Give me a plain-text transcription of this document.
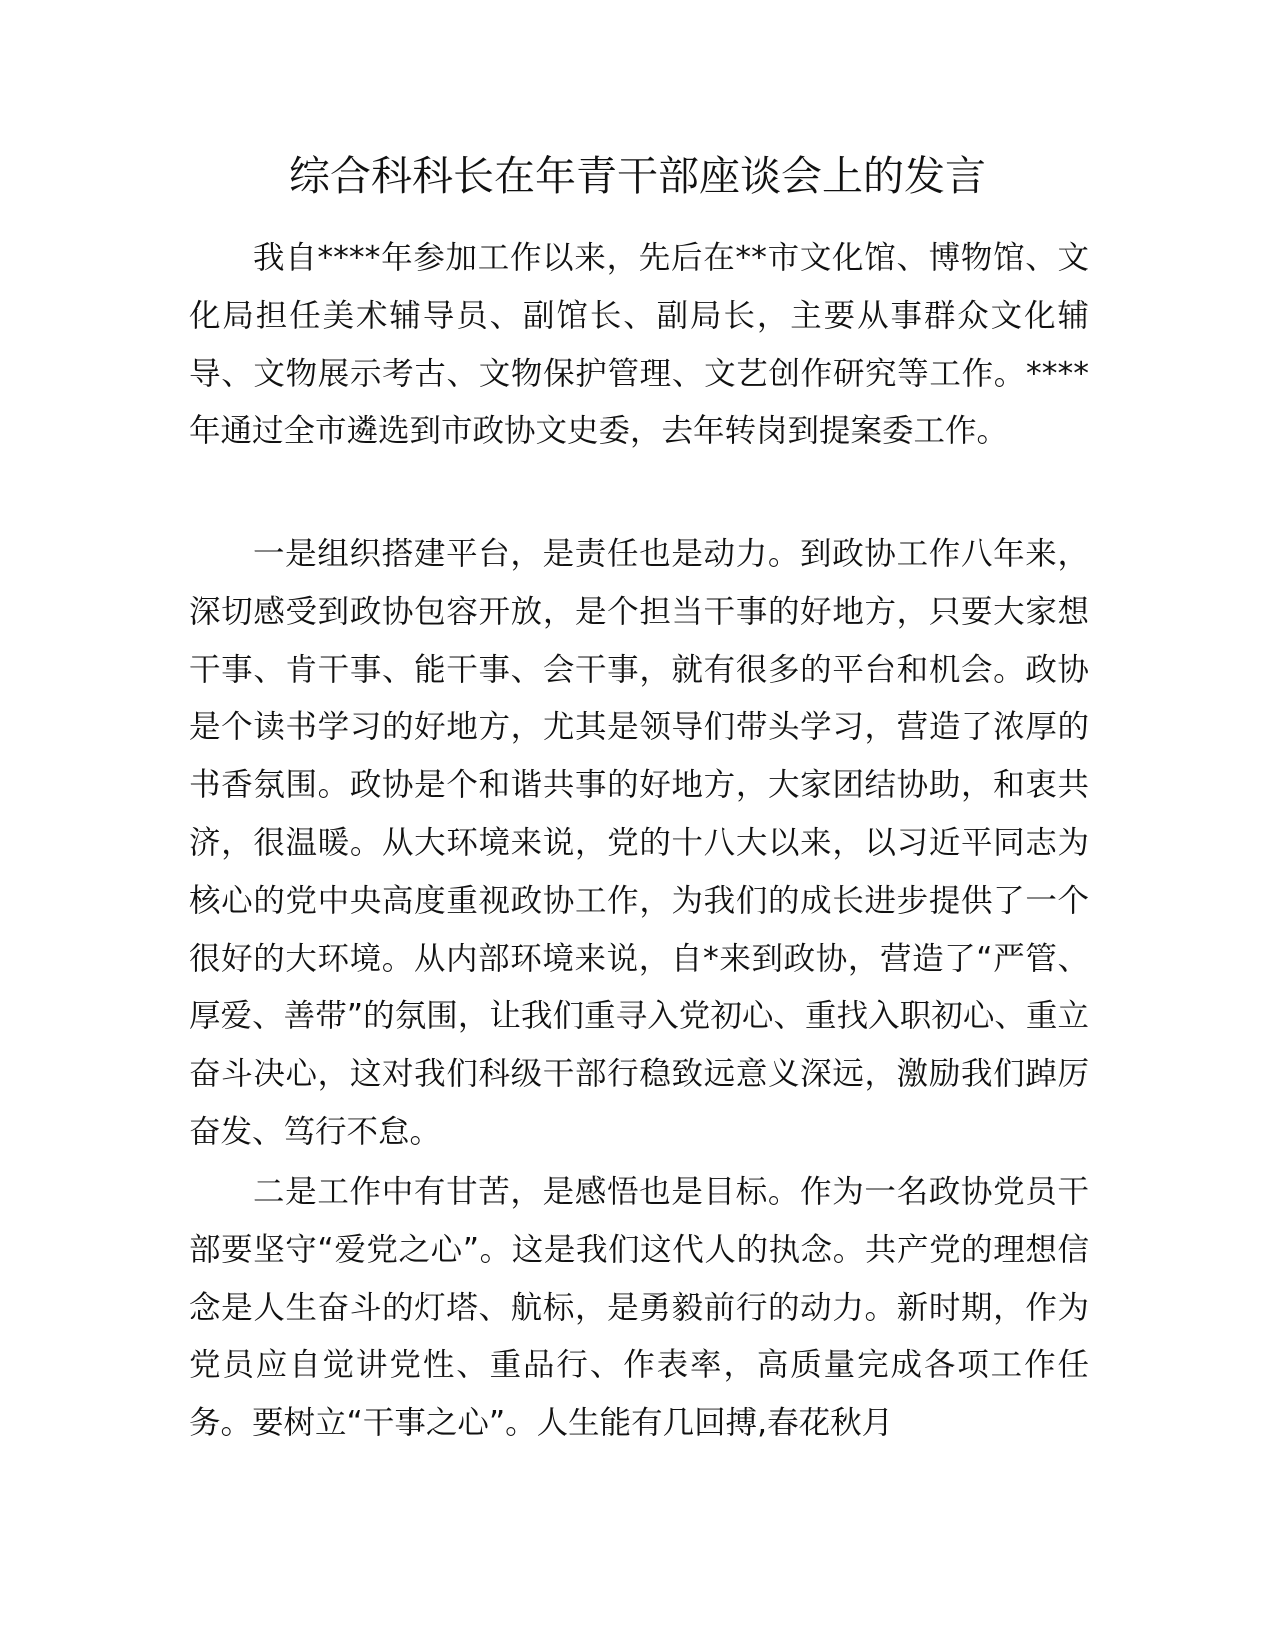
综合科科长在年青干部座谈会上的发言

我自****年参加工作以来，先后在**市文化馆、博物馆、文化局担任美术辅导员、副馆长、副局长，主要从事群众文化辅导、文物展示考古、文物保护管理、文艺创作研究等工作。****年通过全市遴选到市政协文史委，去年转岗到提案委工作。

一是组织搭建平台，是责任也是动力。到政协工作八年来，深切感受到政协包容开放，是个担当干事的好地方，只要大家想干事、肯干事、能干事、会干事，就有很多的平台和机会。政协是个读书学习的好地方，尤其是领导们带头学习，营造了浓厚的书香氛围。政协是个和谐共事的好地方，大家团结协助，和衷共济，很温暖。从大环境来说，党的十八大以来，以习近平同志为核心的党中央高度重视政协工作，为我们的成长进步提供了一个很好的大环境。从内部环境来说，自*来到政协，营造了“严管、厚爱、善带”的氛围，让我们重寻入党初心、重找入职初心、重立奋斗决心，这对我们科级干部行稳致远意义深远，激励我们踔厉奋发、笃行不怠。

二是工作中有甘苦，是感悟也是目标。作为一名政协党员干部要坚守“爱党之心”。这是我们这代人的执念。共产党的理想信念是人生奋斗的灯塔、航标，是勇毅前行的动力。新时期，作为党员应自觉讲党性、重品行、作表率，高质量完成各项工作任务。要树立“干事之心”。人生能有几回搏,春花秋月
